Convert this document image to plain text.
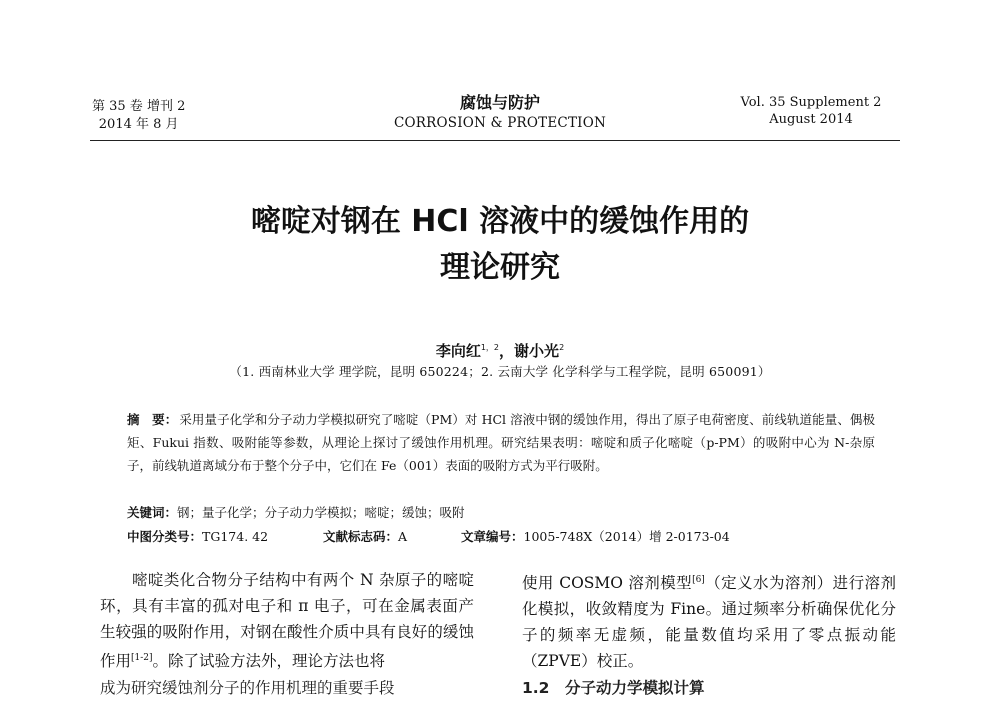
第 35 卷 增刊 2
2014 年 8 月
腐蚀与防护
CORROSION & PROTECTION
Vol. 35 Supplement 2
August 2014
嘧啶对钢在 HCl 溶液中的缓蚀作用的
理论研究
李向红$^{1,2}$，谢小光$^2$
（1. 西南林业大学 理学院，昆明 650224；2. 云南大学 化学科学与工程学院，昆明 650091）
摘　要： 采用量子化学和分子动力学模拟研究了嘧啶（PM）对 HCl 溶液中钢的缓蚀作用，得出了原子电荷密度、前线轨道能量、偶极矩、Fukui 指数、吸附能等参数，从理论上探讨了缓蚀作用机理。研究结果表明：嘧啶和质子化嘧啶（p-PM）的吸附中心为 N-杂原子，前线轨道离域分布于整个分子中，它们在 Fe（001）表面的吸附方式为平行吸附。
关键词：钢；量子化学；分子动力学模拟；嘧啶；缓蚀；吸附
中图分类号：TG174. 42	文献标志码：A	文章编号：1005-748X（2014）增 2-0173-04
嘧啶类化合物分子结构中有两个 N 杂原子的嘧啶环，具有丰富的孤对电子和 π 电子，可在金属表面产生较强的吸附作用，对钢在酸性介质中具有良好的缓蚀作用[1-2]。除了试验方法外，理论方法也将
使用 COSMO 溶剂模型[6]（定义水为溶剂）进行溶剂化模拟，收敛精度为 Fine。通过频率分析确保优化分子的频率无虚频，能量数值均采用了零点振动能（ZPVE）校正。
成为研究缓蚀剂分子的作用机理的重要手段	1.2　分子动力学模拟计算
